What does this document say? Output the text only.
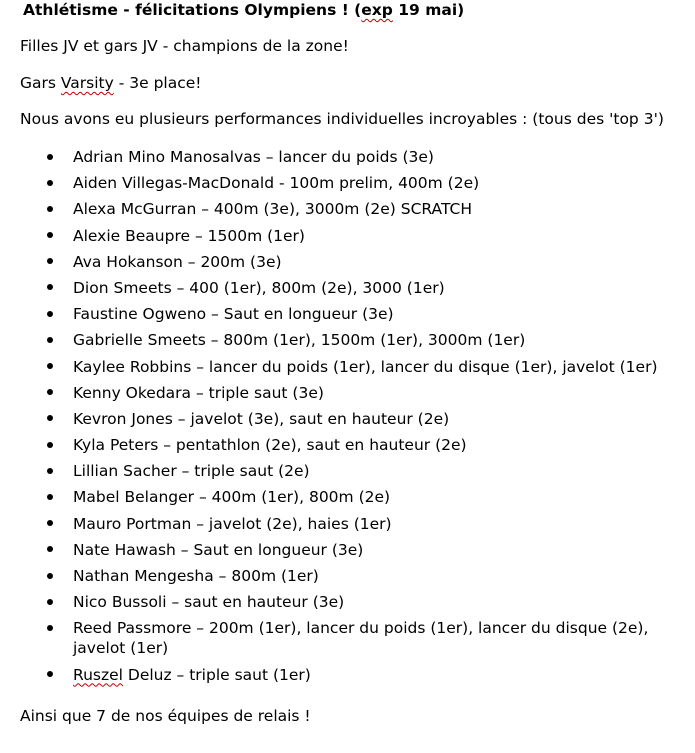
Athlétisme - félicitations Olympiens ! (exp 19 mai)
Filles JV et gars JV - champions de la zone!
Gars Varsity - 3e place!
Nous avons eu plusieurs performances individuelles incroyables : (tous des 'top 3')
Adrian Mino Manosalvas – lancer du poids (3e)
Aiden Villegas-MacDonald - 100m prelim, 400m (2e)
Alexa McGurran – 400m (3e), 3000m (2e) SCRATCH
Alexie Beaupre – 1500m (1er)
Ava Hokanson – 200m (3e)
Dion Smeets – 400 (1er), 800m (2e), 3000 (1er)
Faustine Ogweno – Saut en longueur (3e)
Gabrielle Smeets – 800m (1er), 1500m (1er), 3000m (1er)
Kaylee Robbins – lancer du poids (1er), lancer du disque (1er), javelot (1er)
Kenny Okedara – triple saut (3e)
Kevron Jones – javelot (3e), saut en hauteur (2e)
Kyla Peters – pentathlon (2e), saut en hauteur (2e)
Lillian Sacher – triple saut (2e)
Mabel Belanger – 400m (1er), 800m (2e)
Mauro Portman – javelot (2e), haies (1er)
Nate Hawash – Saut en longueur (3e)
Nathan Mengesha – 800m (1er)
Nico Bussoli – saut en hauteur (3e)
Reed Passmore – 200m (1er), lancer du poids (1er), lancer du disque (2e), javelot (1er)
Ruszel Deluz – triple saut (1er)
Ainsi que 7 de nos équipes de relais !
